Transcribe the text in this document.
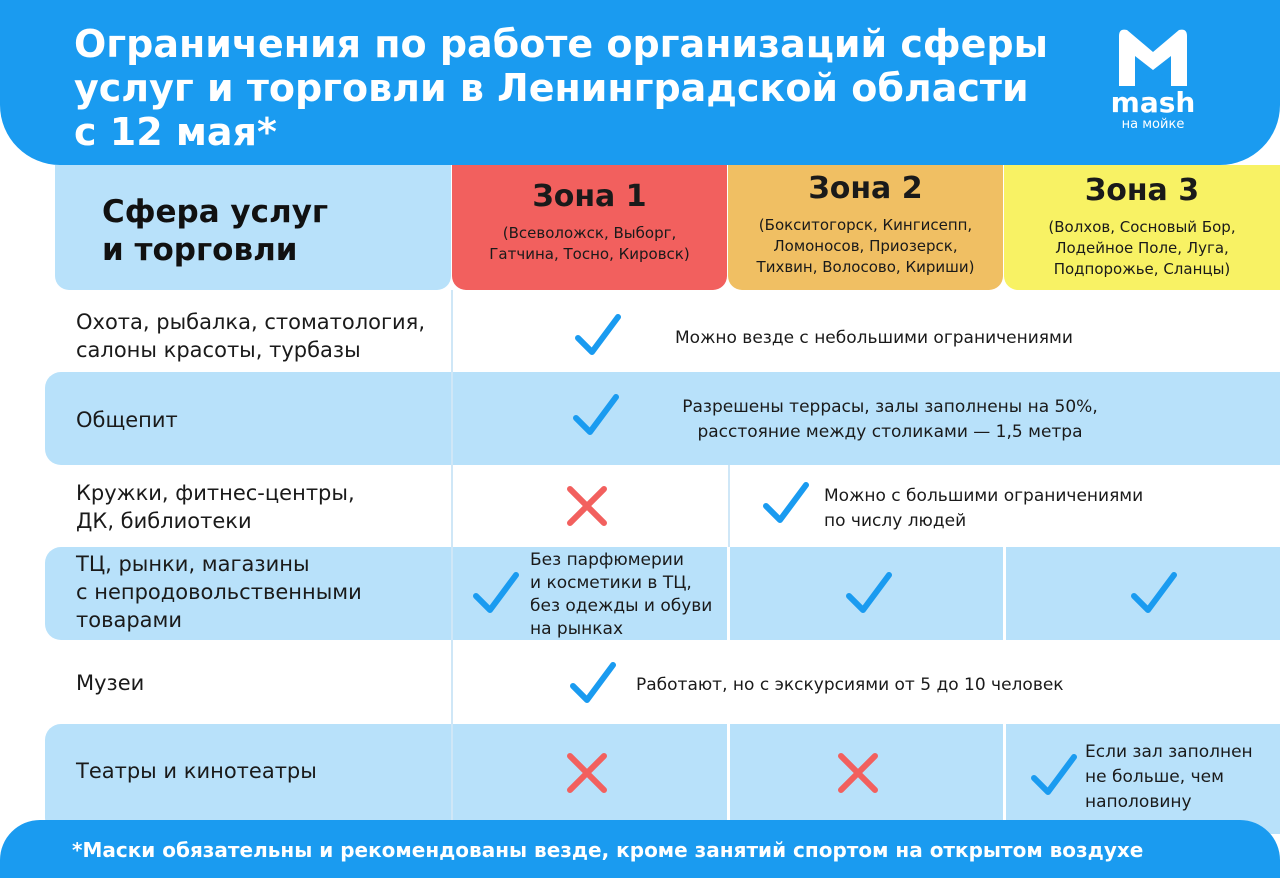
Ограничения по работе организаций сферы
услуг и торговли в Ленинградской области
с 12 мая*
mash
на мойке
Сфера услуг
и торговли
Зона 1
(Всеволожск, Выборг,
Гатчина, Тосно, Кировск)
Зона 2
(Бокситогорск, Кингисепп,
Ломоносов, Приозерск,
Тихвин, Волосово, Кириши)
Зона 3
(Волхов, Сосновый Бор,
Лодейное Поле, Луга,
Подпорожье, Сланцы)
Охота, рыбалка, стоматология,
салоны красоты, турбазы	Можно везде с небольшими ограничениями
Общепит
Разрешены террасы, залы заполнены на 50%,
расстояние между столиками — 1,5 метра
Кружки, фитнес-центры,
ДК, библиотеки
Можно с большими ограничениями
по числу людей
ТЦ, рынки, магазины
с непродовольственными
товарами
Без парфюмерии
и косметики в ТЦ,
без одежды и обуви
на рынках
Музеи	Работают, но с экскурсиями от 5 до 10 человек
Театры и кинотеатры
Если зал заполнен
не больше, чем
наполовину
*Маски обязательны и рекомендованы везде, кроме занятий спортом на открытом воздухе
